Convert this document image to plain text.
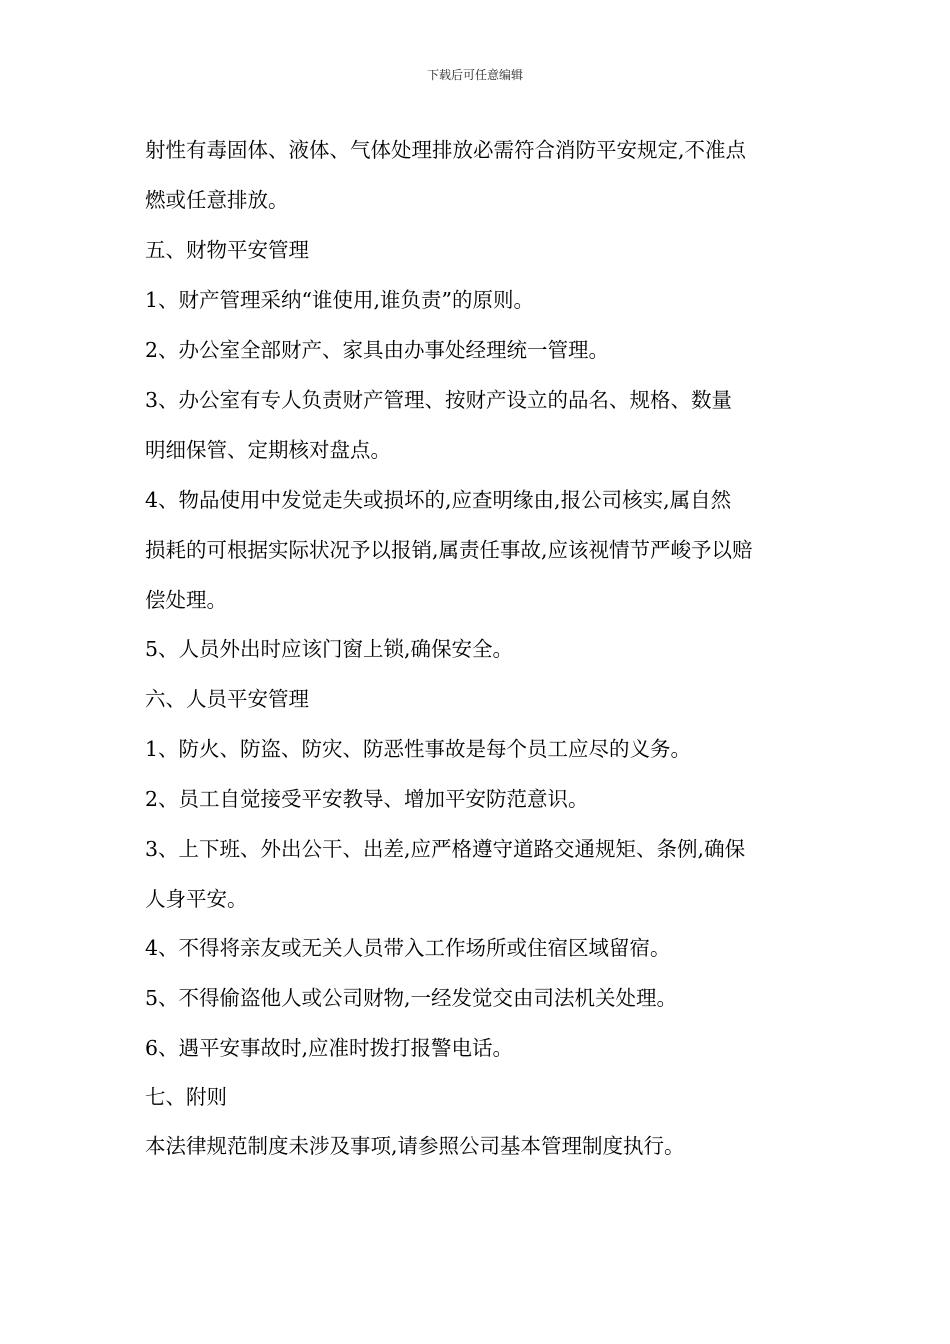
下载后可任意编辑
射性有毒固体、液体、气体处理排放必需符合消防平安规定,不准点
燃或任意排放。
五、财物平安管理
1、财产管理采纳“谁使用,谁负责”的原则。
2、办公室全部财产、家具由办事处经理统一管理。
3、办公室有专人负责财产管理、按财产设立的品名、规格、数量
明细保管、定期核对盘点。
4、物品使用中发觉走失或损坏的,应查明缘由,报公司核实,属自然
损耗的可根据实际状况予以报销,属责任事故,应该视情节严峻予以赔
偿处理。
5、人员外出时应该门窗上锁,确保安全。
六、人员平安管理
1、防火、防盗、防灾、防恶性事故是每个员工应尽的义务。
2、员工自觉接受平安教导、增加平安防范意识。
3、上下班、外出公干、出差,应严格遵守道路交通规矩、条例,确保
人身平安。
4、不得将亲友或无关人员带入工作场所或住宿区域留宿。
5、不得偷盗他人或公司财物,一经发觉交由司法机关处理。
6、遇平安事故时,应准时拨打报警电话。
七、附则
本法律规范制度未涉及事项,请参照公司基本管理制度执行。
